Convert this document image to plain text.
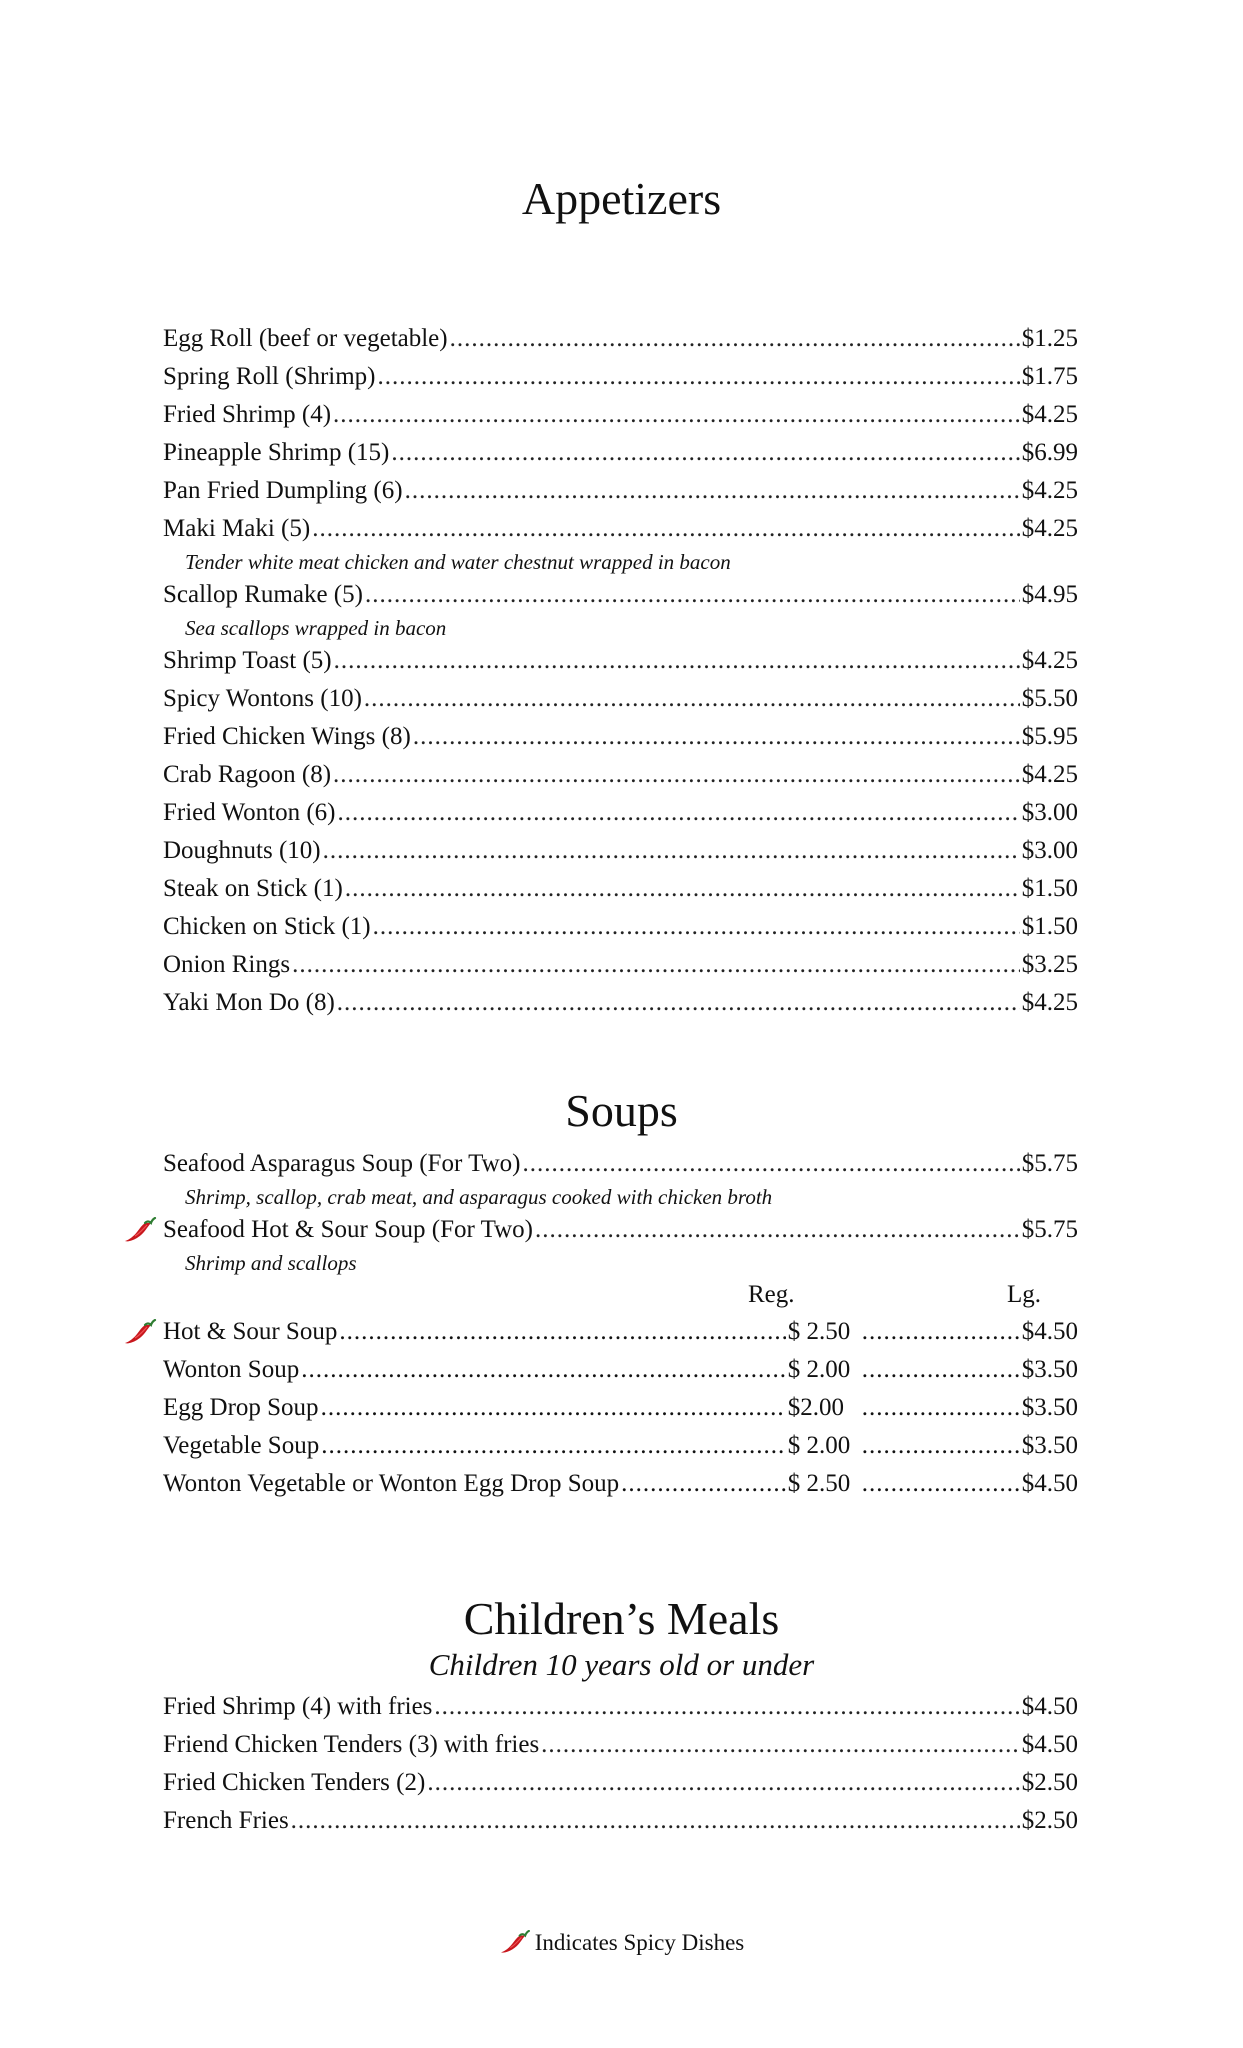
Appetizers
Egg Roll (beef or vegetable) .....	$1.25
Spring Roll (Shrimp) .....	$1.75
Fried Shrimp (4) .....	$4.25
Pineapple Shrimp (15) .....	$6.99
Pan Fried Dumpling (6) .....	$4.25
Maki Maki (5) .....	$4.25
Tender white meat chicken and water chestnut wrapped in bacon
Scallop Rumake (5) .....	$4.95
Sea scallops wrapped in bacon
Shrimp Toast (5) .....	$4.25
Spicy Wontons (10) .....	$5.50
Fried Chicken Wings (8) .....	$5.95
Crab Ragoon (8) .....	$4.25
Fried Wonton (6) .....	$3.00
Doughnuts (10) .....	$3.00
Steak on Stick (1) .....	$1.50
Chicken on Stick (1) .....	$1.50
Onion Rings .....	$3.25
Yaki Mon Do (8) .....	$4.25
Soups
Seafood Asparagus Soup (For Two) .....	$5.75
Shrimp, scallop, crab meat, and asparagus cooked with chicken broth
Seafood Hot & Sour Soup (For Two) .....	$5.75
Shrimp and scallops
Reg.	Lg.
Hot & Sour Soup .....	$ 2.50 .....	$4.50
Wonton Soup .....	$ 2.00 .....	$3.50
Egg Drop Soup .....	$2.00 .....	$3.50
Vegetable Soup .....	$ 2.00 .....	$3.50
Wonton Vegetable or Wonton Egg Drop Soup .....	$ 2.50 .....	$4.50
Children’s Meals
Children 10 years old or under
Fried Shrimp (4) with fries .....	$4.50
Friend Chicken Tenders (3) with fries .....	$4.50
Fried Chicken Tenders (2) .....	$2.50
French Fries .....	$2.50
Indicates Spicy Dishes
